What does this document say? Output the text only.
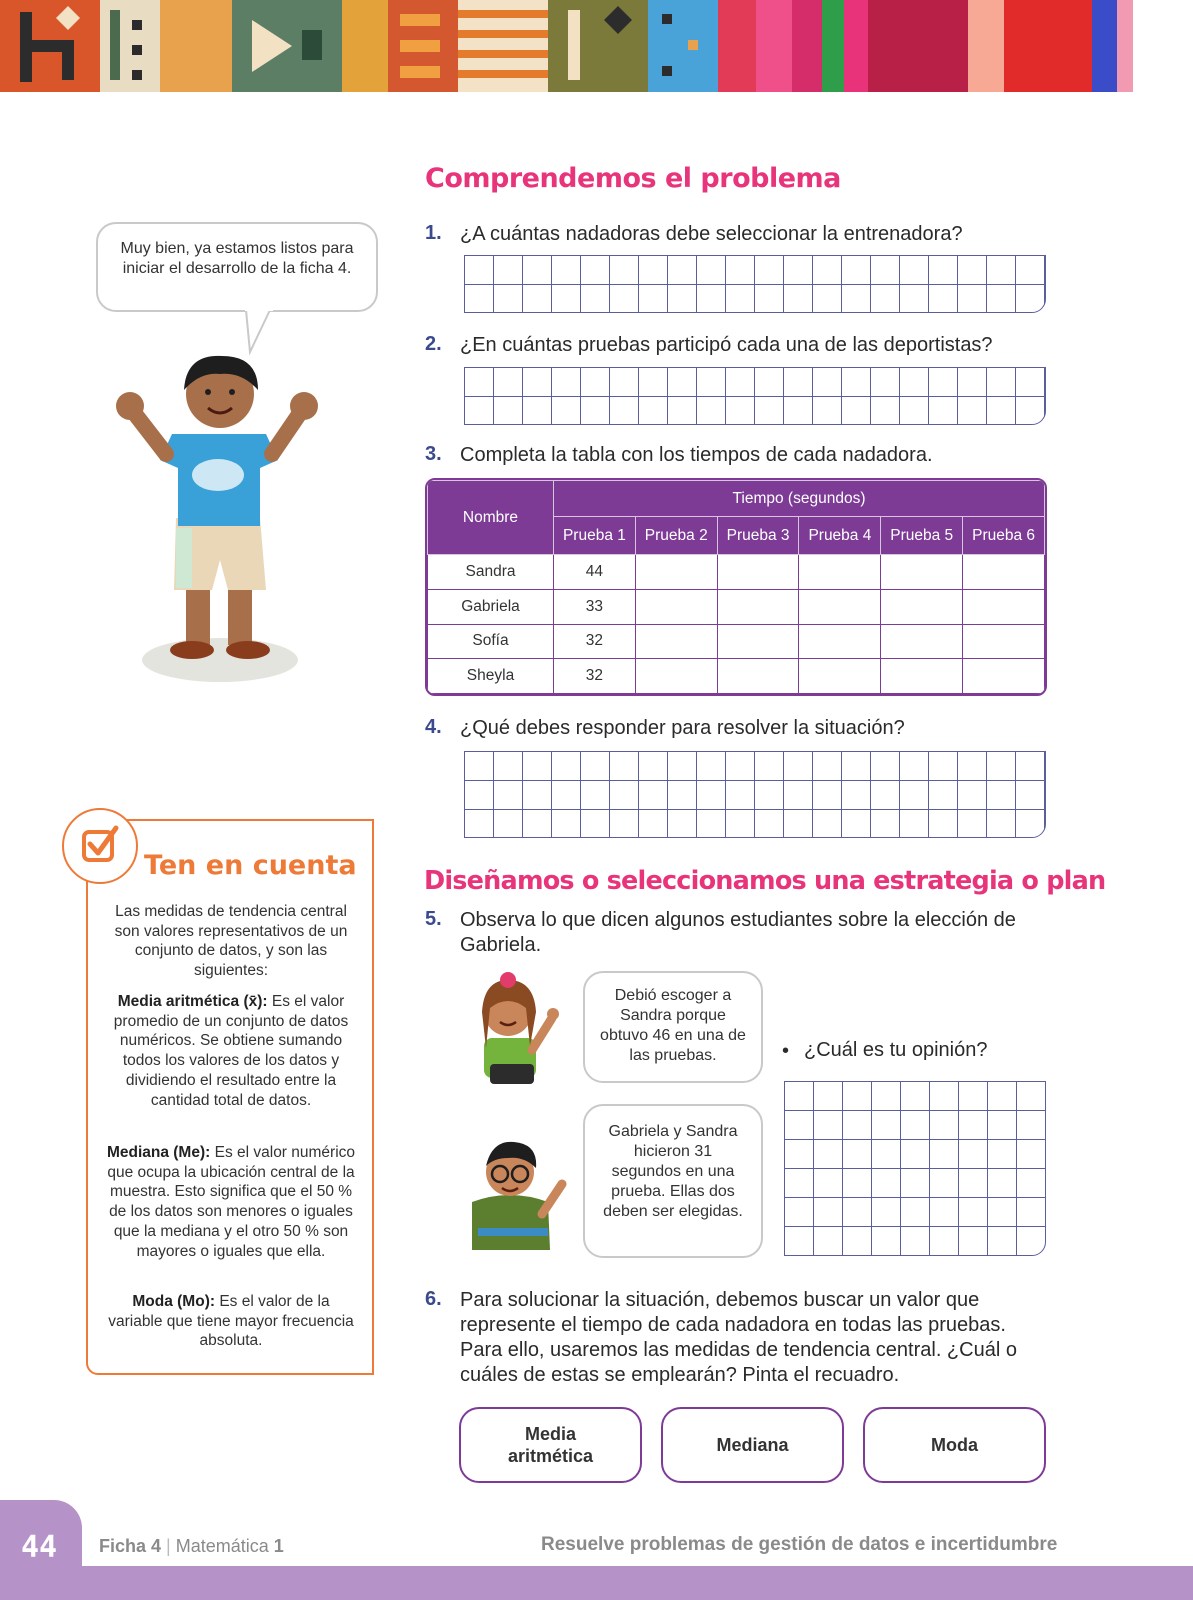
Comprendemos el problema
Muy bien, ya estamos listos para iniciar el desarrollo de la ficha 4.
1. ¿A cuántas nadadoras debe seleccionar la entrenadora?
2. ¿En cuántas pruebas participó cada una de las deportistas?
3. Completa la tabla con los tiempos de cada nadadora.
Nombre	Tiempo (segundos)					
	Prueba 1	Prueba 2	Prueba 3	Prueba 4	Prueba 5	Prueba 6
Sandra	44					
Gabriela	33					
Sofía	32					
Sheyla	32					
4. ¿Qué debes responder para resolver la situación?
Ten en cuenta
Las medidas de tendencia central son valores representativos de un conjunto de datos, y son las siguientes:
Media aritmética (x̄): Es el valor promedio de un conjunto de datos numéricos. Se obtiene sumando todos los valores de los datos y dividiendo el resultado entre la cantidad total de datos.
Mediana (Me): Es el valor numérico que ocupa la ubicación central de la muestra. Esto significa que el 50 % de los datos son menores o iguales que la mediana y el otro 50 % son mayores o iguales que ella.
Moda (Mo): Es el valor de la variable que tiene mayor frecuencia absoluta.
Diseñamos o seleccionamos una estrategia o plan
5. Observa lo que dicen algunos estudiantes sobre la elección de Gabriela.
Debió escoger a Sandra porque obtuvo 46 en una de las pruebas.
Gabriela y Sandra hicieron 31 segundos en una prueba. Ellas dos deben ser elegidas.
• ¿Cuál es tu opinión?
6. Para solucionar la situación, debemos buscar un valor que represente el tiempo de cada nadadora en todas las pruebas. Para ello, usaremos las medidas de tendencia central. ¿Cuál o cuáles de estas se emplearán? Pinta el recuadro.
Media aritmética
Mediana	Moda
44	Ficha 4 | Matemática 1	Resuelve problemas de gestión de datos e incertidumbre
